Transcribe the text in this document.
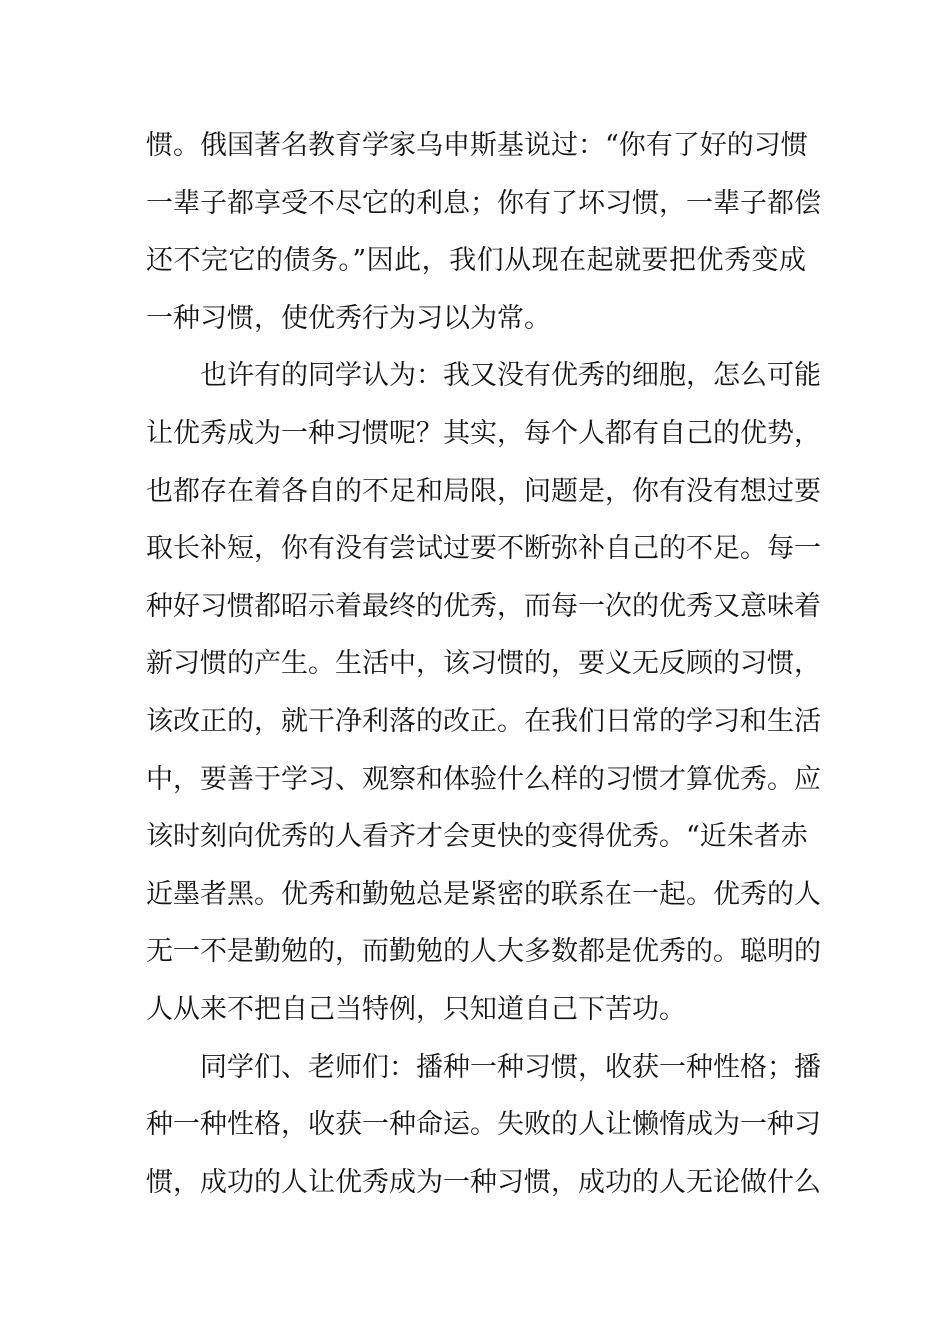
惯。俄国著名教育学家乌申斯基说过：“你有了好的习惯
一辈子都享受不尽它的利息；你有了坏习惯，一辈子都偿
还不完它的债务。”因此，我们从现在起就要把优秀变成
一种习惯，使优秀行为习以为常。
也许有的同学认为：我又没有优秀的细胞，怎么可能
让优秀成为一种习惯呢？其实，每个人都有自己的优势，
也都存在着各自的不足和局限，问题是，你有没有想过要
取长补短，你有没有尝试过要不断弥补自己的不足。每一
种好习惯都昭示着最终的优秀，而每一次的优秀又意味着
新习惯的产生。生活中，该习惯的，要义无反顾的习惯，
该改正的，就干净利落的改正。在我们日常的学习和生活
中，要善于学习、观察和体验什么样的习惯才算优秀。应
该时刻向优秀的人看齐才会更快的变得优秀。“近朱者赤
近墨者黑。优秀和勤勉总是紧密的联系在一起。优秀的人
无一不是勤勉的，而勤勉的人大多数都是优秀的。聪明的
人从来不把自己当特例，只知道自己下苦功。
同学们、老师们：播种一种习惯，收获一种性格；播
种一种性格，收获一种命运。失败的人让懒惰成为一种习
惯，成功的人让优秀成为一种习惯，成功的人无论做什么
